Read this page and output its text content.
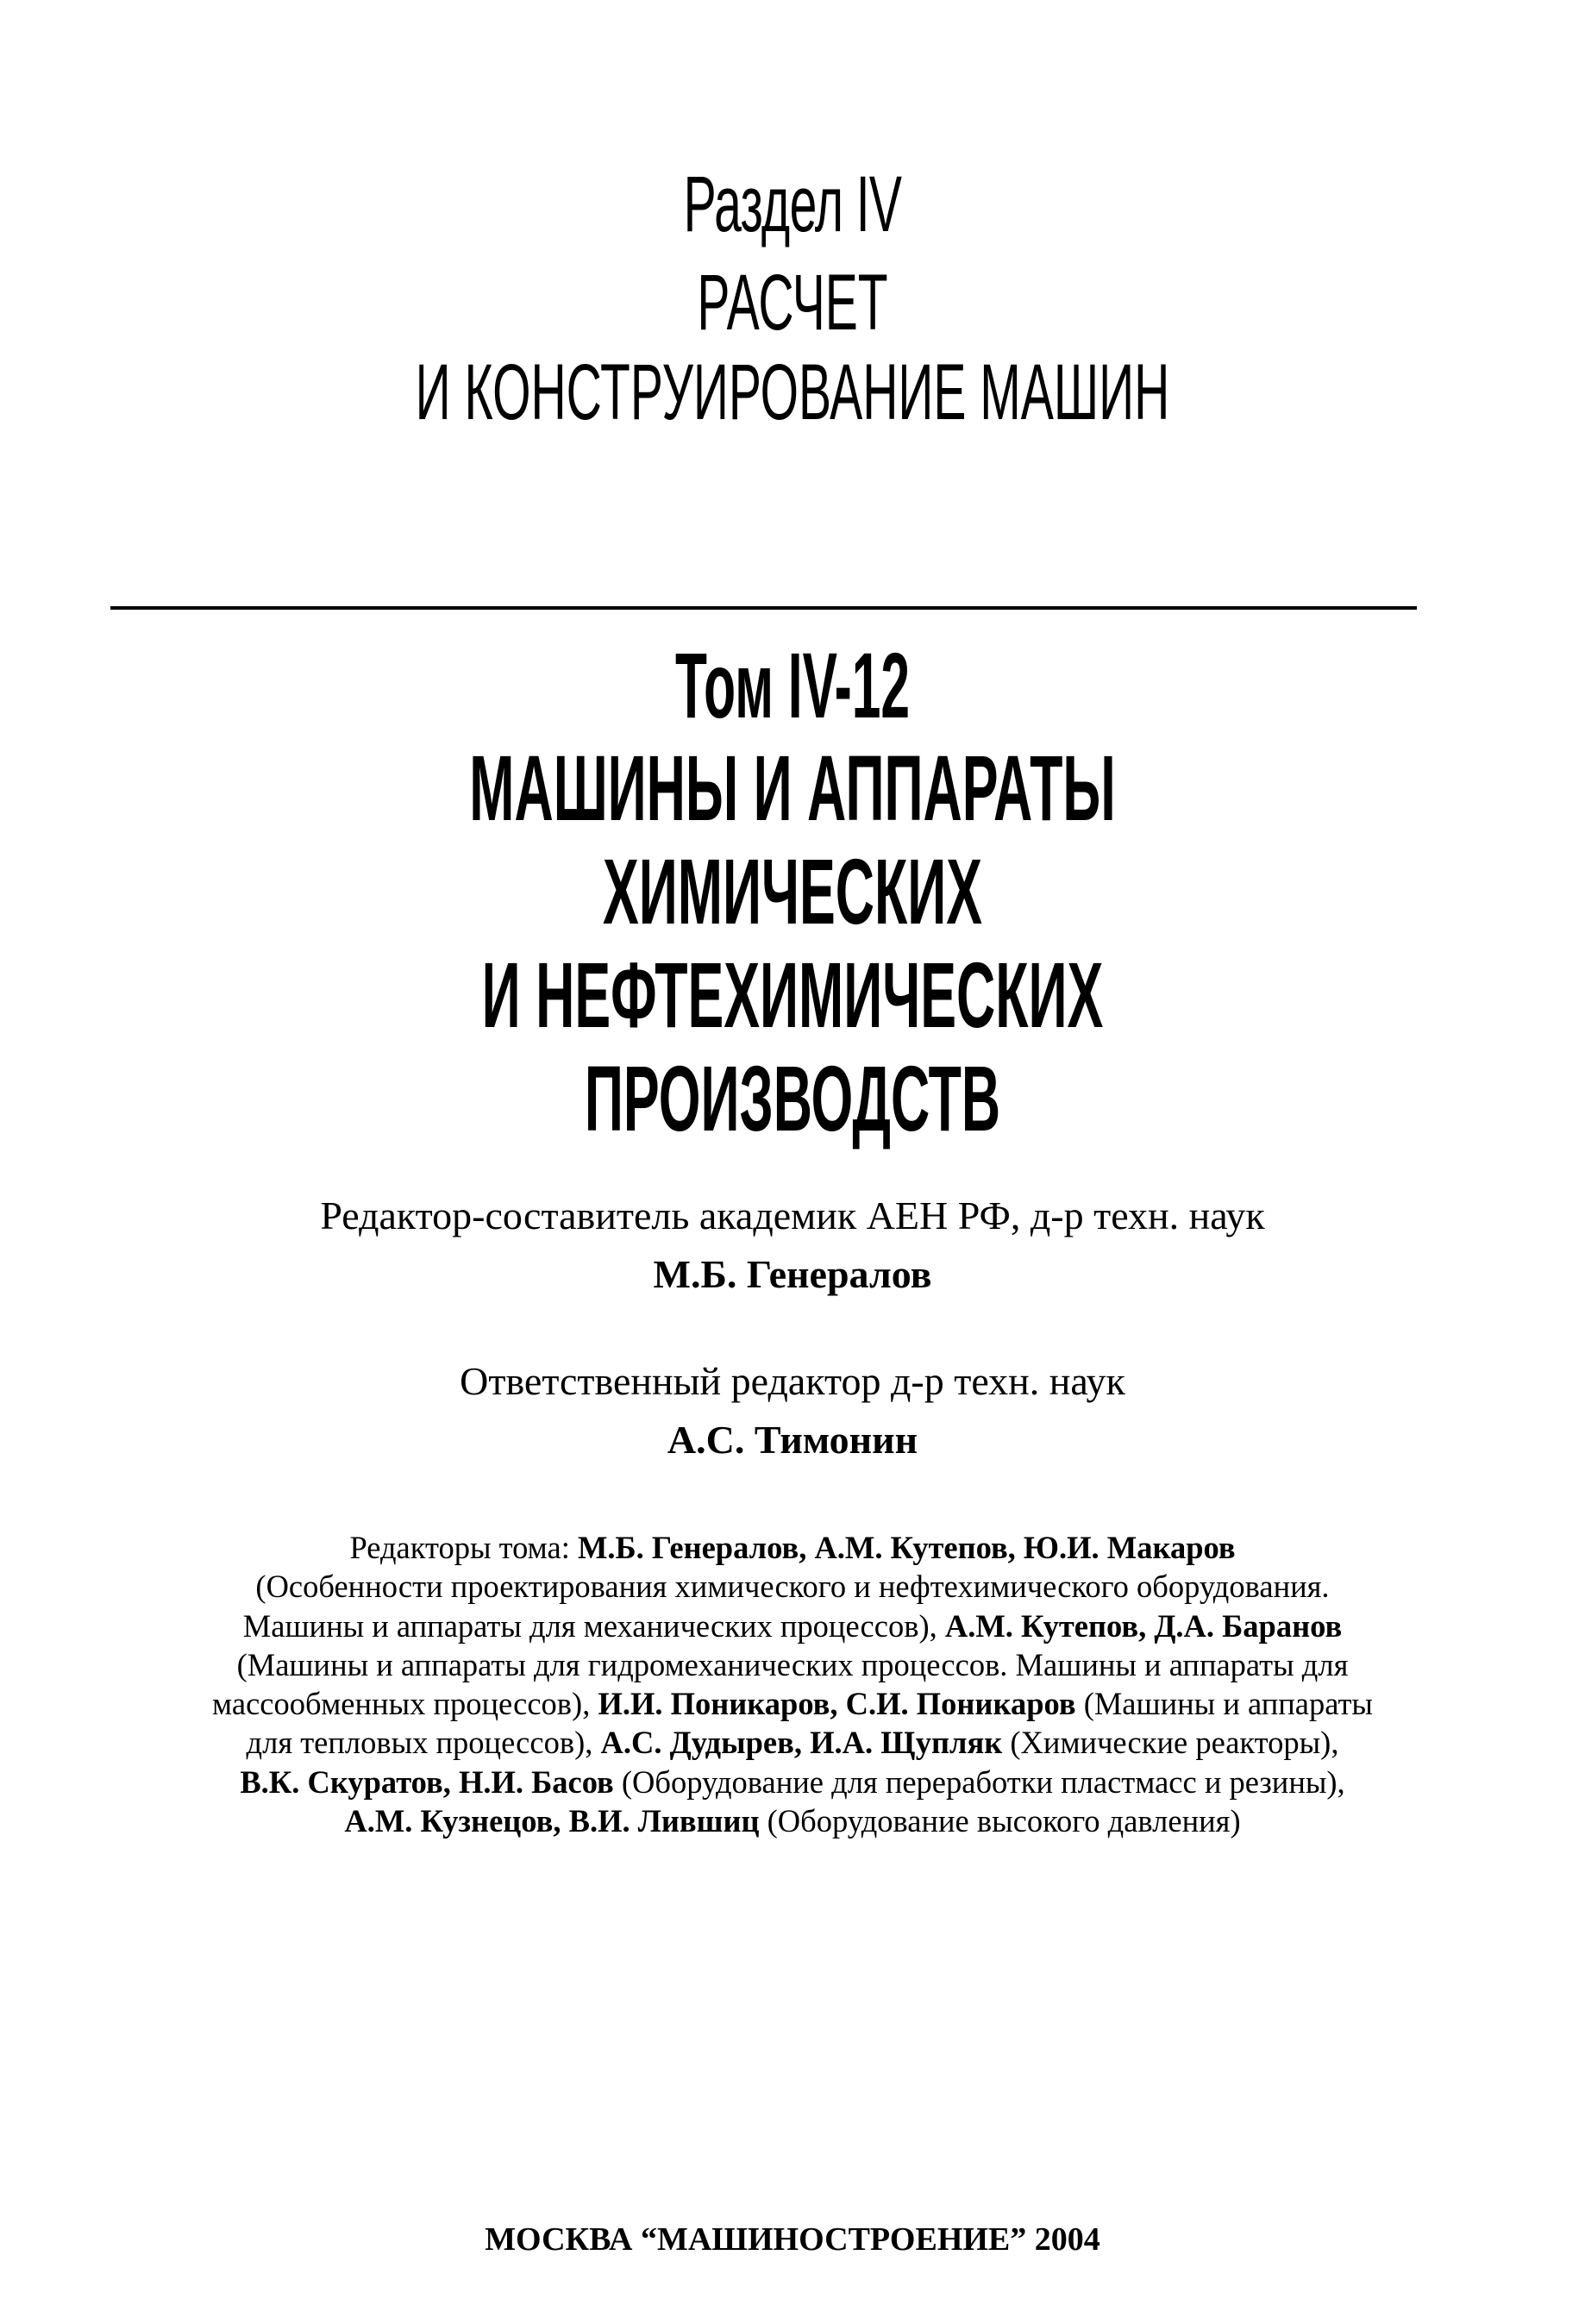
Раздел IV
РАСЧЕТ
И КОНСТРУИРОВАНИЕ МАШИН
Том IV-12
МАШИНЫ И АППАРАТЫ
ХИМИЧЕСКИХ
И НЕФТЕХИМИЧЕСКИХ
ПРОИЗВОДСТВ
Редактор-составитель академик АЕН РФ, д-р техн. наук
М.Б. Генералов
Ответственный редактор д-р техн. наук
А.С. Тимонин
Редакторы тома: М.Б. Генералов, А.М. Кутепов, Ю.И. Макаров
(Особенности проектирования химического и нефтехимического оборудования.
Машины и аппараты для механических процессов), А.М. Кутепов, Д.А. Баранов
(Машины и аппараты для гидромеханических процессов. Машины и аппараты для
массообменных процессов), И.И. Поникаров, С.И. Поникаров (Машины и аппараты
для тепловых процессов), А.С. Дудырев, И.А. Щупляк (Химические реакторы),
В.К. Скуратов, Н.И. Басов (Оборудование для переработки пластмасс и резины),
А.М. Кузнецов, В.И. Лившиц (Оборудование высокого давления)
МОСКВА “МАШИНОСТРОЕНИЕ” 2004
